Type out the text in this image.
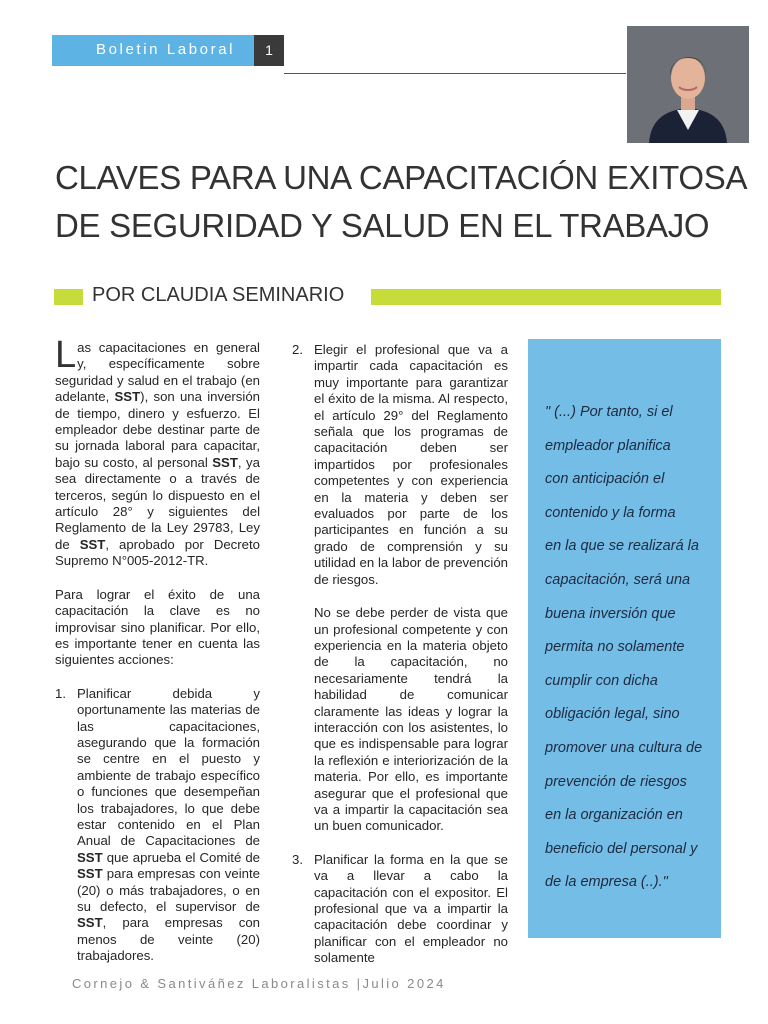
Boletin Laboral	1
CLAVES PARA UNA CAPACITACIÓN EXITOSA
DE SEGURIDAD Y SALUD EN EL TRABAJO
POR CLAUDIA SEMINARIO

Las capacitaciones en general y, específicamente sobre seguridad y salud en el trabajo (en adelante, SST), son una inversión de tiempo, dinero y esfuerzo. El empleador debe destinar parte de su jornada laboral para capacitar, bajo su costo, al personal SST, ya sea directamente o a través de terceros, según lo dispuesto en el artículo 28° y siguientes del Reglamento de la Ley 29783, Ley de SST, aprobado por Decreto Supremo N°005-2012-TR.

Para lograr el éxito de una capacitación la clave es no improvisar sino planificar. Por ello, es importante tener en cuenta las siguientes acciones:

1. Planificar debida y oportunamente las materias de las capacitaciones, asegurando que la formación se centre en el puesto y ambiente de trabajo específico o funciones que desempeñan los trabajadores, lo que debe estar contenido en el Plan Anual de Capacitaciones de SST que aprueba el Comité de SST para empresas con veinte (20) o más trabajadores, o en su defecto, el supervisor de SST, para empresas con menos de veinte (20) trabajadores.
2. Elegir el profesional que va a impartir cada capacitación es muy importante para garantizar el éxito de la misma. Al respecto, el artículo 29° del Reglamento señala que los programas de capacitación deben ser impartidos por profesionales competentes y con experiencia en la materia y deben ser evaluados por parte de los participantes en función a su grado de comprensión y su utilidad en la labor de prevención de riesgos.

No se debe perder de vista que un profesional competente y con experiencia en la materia objeto de la capacitación, no necesariamente tendrá la habilidad de comunicar claramente las ideas y lograr la interacción con los asistentes, lo que es indispensable para lograr la reflexión e interiorización de la materia. Por ello, es importante asegurar que el profesional que va a impartir la capacitación sea un buen comunicador.

3. Planificar la forma en la que se va a llevar a cabo la capacitación con el expositor. El profesional que va a impartir la capacitación debe coordinar y planificar con el empleador no solamente
" (...) Por tanto, si el
empleador planifica
con anticipación el
contenido y la forma
en la que se realizará la
capacitación, será una
buena inversión que
permita no solamente
cumplir con dicha
obligación legal, sino
promover una cultura de
prevención de riesgos
en la organización en
beneficio del personal y
de la empresa (..)."
Cornejo & Santiváñez Laboralistas |Julio 2024
